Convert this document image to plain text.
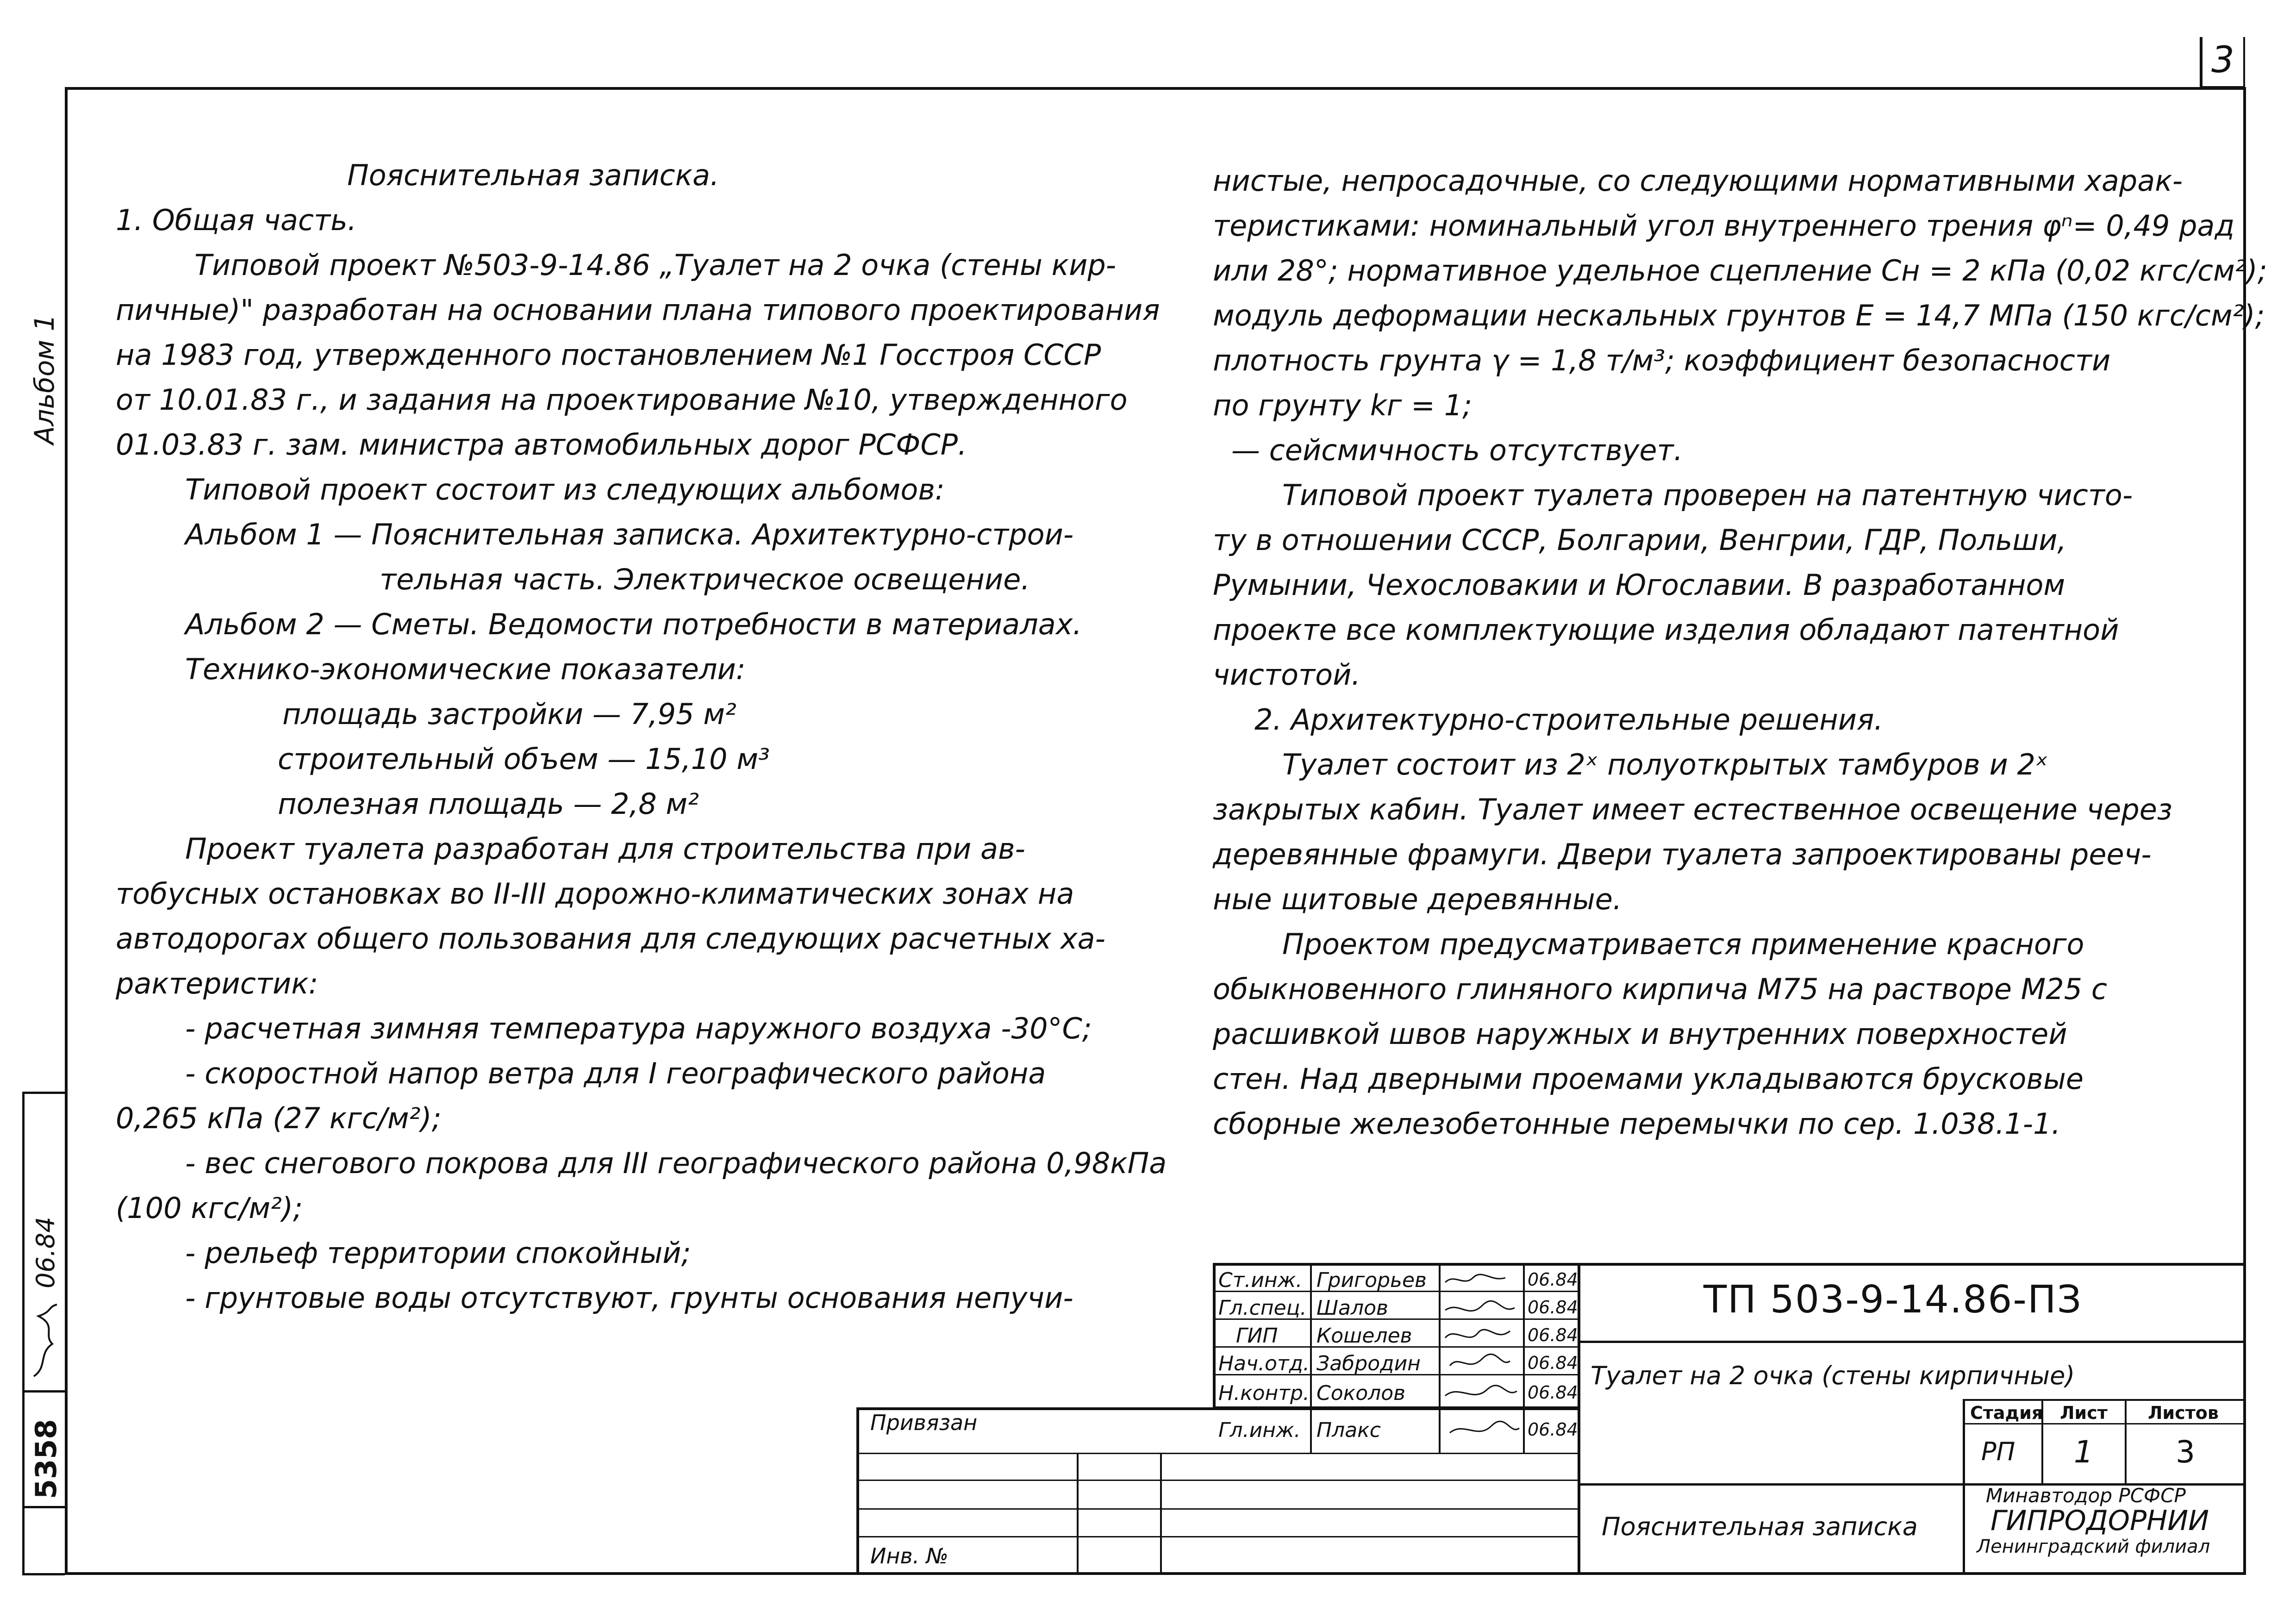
3
Альбом 1
06.84
5358

Пояснительная записка.

1. Общая часть.

Типовой проект №503-9-14.86 „Туалет на 2 очка (стены кир-

пичные)" разработан на основании плана типового проектирования

на 1983 год, утвержденного постановлением №1 Госстроя СССР

от 10.01.83 г., и задания на проектирование №10, утвержденного

01.03.83 г. зам. министра автомобильных дорог РСФСР.

Типовой проект состоит из следующих альбомов:

Альбом 1 — Пояснительная записка. Архитектурно-строи-

тельная часть. Электрическое освещение.

Альбом 2 — Сметы. Ведомости потребности в материалах.

Технико-экономические показатели:

площадь застройки — 7,95 м²

строительный объем — 15,10 м³

полезная площадь — 2,8 м²

Проект туалета разработан для строительства при ав-

тобусных остановках во II-III дорожно-климатических зонах на

автодорогах общего пользования для следующих расчетных ха-

рактеристик:

- расчетная зимняя температура наружного воздуха -30°С;

- скоростной напор ветра для I географического района

0,265 кПа (27 кгс/м²);

- вес снегового покрова для III географического района 0,98кПа

(100 кгс/м²);

- рельеф территории спокойный;

- грунтовые воды отсутствуют, грунты основания непучи-

нистые, непросадочные, со следующими нормативными харак-

теристиками: номинальный угол внутреннего трения φⁿ= 0,49 рад

или 28°; нормативное удельное сцепление Cн = 2 кПа (0,02 кгс/см²);

модуль деформации нескальных грунтов E = 14,7 МПа (150 кгс/см²);

плотность грунта γ = 1,8 т/м³; коэффициент безопасности

по грунту kг = 1;

— сейсмичность отсутствует.

Типовой проект туалета проверен на патентную чисто-

ту в отношении СССР, Болгарии, Венгрии, ГДР, Польши,

Румынии, Чехословакии и Югославии. В разработанном

проекте все комплектующие изделия обладают патентной

чистотой.

2. Архитектурно-строительные решения.

Туалет состоит из 2ˣ полуоткрытых тамбуров и 2ˣ

закрытых кабин. Туалет имеет естественное освещение через

деревянные фрамуги. Двери туалета запроектированы рееч-

ные щитовые деревянные.

Проектом предусматривается применение красного

обыкновенного глиняного кирпича М75 на растворе М25 с

расшивкой швов наружных и внутренних поверхностей

стен. Над дверными проемами укладываются брусковые

сборные железобетонные перемычки по сер. 1.038.1-1.

Ст.инж. Григорьев	06.84
Гл.спец. Шалов	06.84
ГИП Кошелев	06.84
Нач.отд. Забродин	06.84
Н.контр. Соколов	06.84
Гл.инж. Плакс	06.84
Привязан
Инв. №
ТП 503-9-14.86-ПЗ
Туалет на 2 очка (стены кирпичные)
Пояснительная записка
Стадия Лист Листов
РП 1	3
Минавтодор РСФСР
ГИПРОДОРНИИ
Ленинградский филиал
